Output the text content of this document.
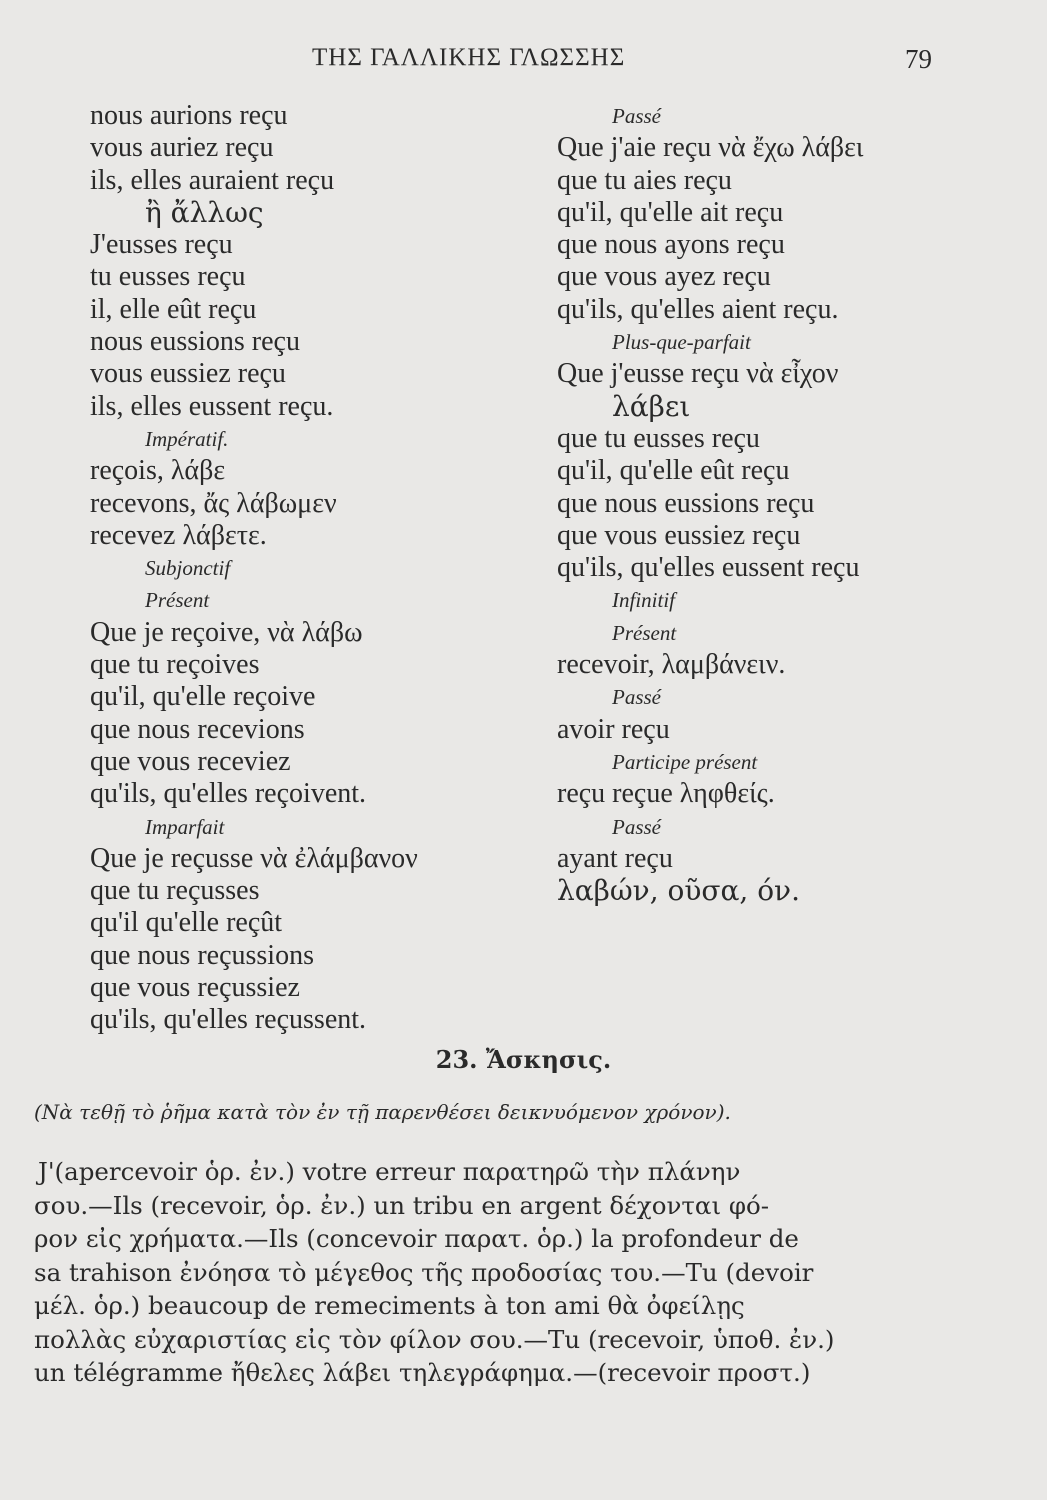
ΤΗΣ ΓΑΛΛΙΚΗΣ ΓΛΩΣΣΗΣ	79
nous aurions reçu
vous auriez reçu
ils, elles auraient reçu
ἢ ἄλλως
J'eusses reçu
tu eusses reçu
il, elle eût reçu
nous eussions reçu
vous eussiez reçu
ils, elles eussent reçu.
Impératif.
reçois, λάβε
recevons, ἄς λάβωμεν
recevez λάβετε.
Subjonctif
Présent
Que je reçoive, νὰ λάβω
que tu reçoives
qu'il, qu'elle reçoive
que nous recevions
que vous receviez
qu'ils, qu'elles reçoivent.
Imparfait
Que je reçusse νὰ ἐλάμβανον
que tu reçusses
qu'il qu'elle reçût
que nous reçussions
que vous reçussiez
qu'ils, qu'elles reçussent.
Passé
Que j'aie reçu νὰ ἔχω λάβει
que tu aies reçu
qu'il, qu'elle ait reçu
que nous ayons reçu
que vous ayez reçu
qu'ils, qu'elles aient reçu.
Plus-que-parfait
Que j'eusse reçu νὰ εἶχον
λάβει
que tu eusses reçu
qu'il, qu'elle eût reçu
que nous eussions reçu
que vous eussiez reçu
qu'ils, qu'elles eussent reçu
Infinitif
Présent
recevoir, λαμβάνειν.
Passé
avoir reçu
Participe présent
reçu reçue ληφθείς.
Passé
ayant reçu
λαβών, οῦσα, όν.
23. Ἄσκησις.
(Νὰ τεθῇ τὸ ῥῆμα κατὰ τὸν ἐν τῇ παρενθέσει δεικνυόμενον χρόνον).
J'(apercevoir ὁρ. ἐν.) votre erreur παρατηρῶ τὴν πλάνην
σου.—Ils (recevoir, ὁρ. ἐν.) un tribu en argent δέχονται φό-
ρον εἰς χρήματα.—Ils (concevoir παρατ. ὁρ.) la profondeur de
sa trahison ἐνόησα τὸ μέγεθος τῆς προδοσίας του.—Tu (devoir
μέλ. ὁρ.) beaucoup de remeciments à ton ami θὰ ὀφείλῃς
πολλὰς εὐχαριστίας εἰς τὸν φίλον σου.—Tu (recevoir, ὑποθ. ἐν.)
un télégramme ἤθελες λάβει τηλεγράφημα.—(recevoir προστ.)
